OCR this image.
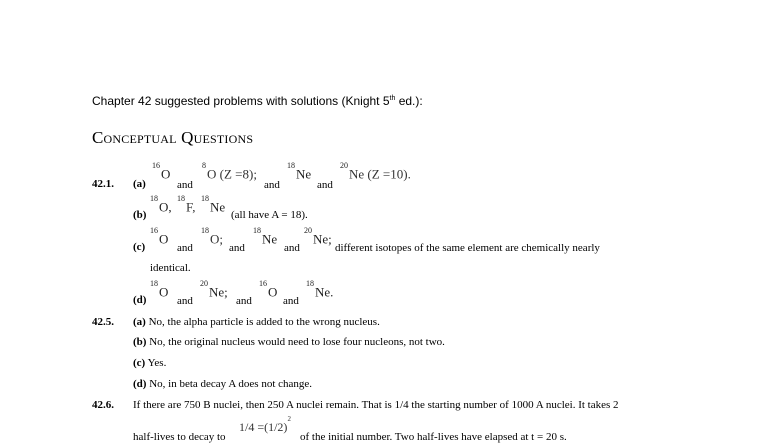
Chapter 42 suggested problems with solutions (Knight 5th ed.):
Conceptual Questions
42.1. (a)
$^{16}$O
and
$^8$O (Z =8);
and
$^{18}$Ne
and
$^{20}$Ne (Z =10).
(b)
$^{18}$O,
$^{18}$F,
$^{18}$Ne
(all have A = 18).
(c)
$^{16}$O
and
$^{18}$O;
and
$^{18}$Ne
and
$^{20}$Ne;
different isotopes of the same element are chemically nearly
identical.
(d)
$^{18}$O
and
$^{20}$Ne;
and
$^{16}$O
and
$^{18}$Ne.
42.5. (a) No, the alpha particle is added to the wrong nucleus.
(b) No, the original nucleus would need to lose four nucleons, not two.
(c) Yes.
(d) No, in beta decay A does not change.
42.6. If there are 750 B nuclei, then 250 A nuclei remain. That is 1/4 the starting number of 1000 A nuclei. It takes 2
half-lives to decay to
$1/4 =(1/2)^2$
of the initial number. Two half-lives have elapsed at t = 20 s.
